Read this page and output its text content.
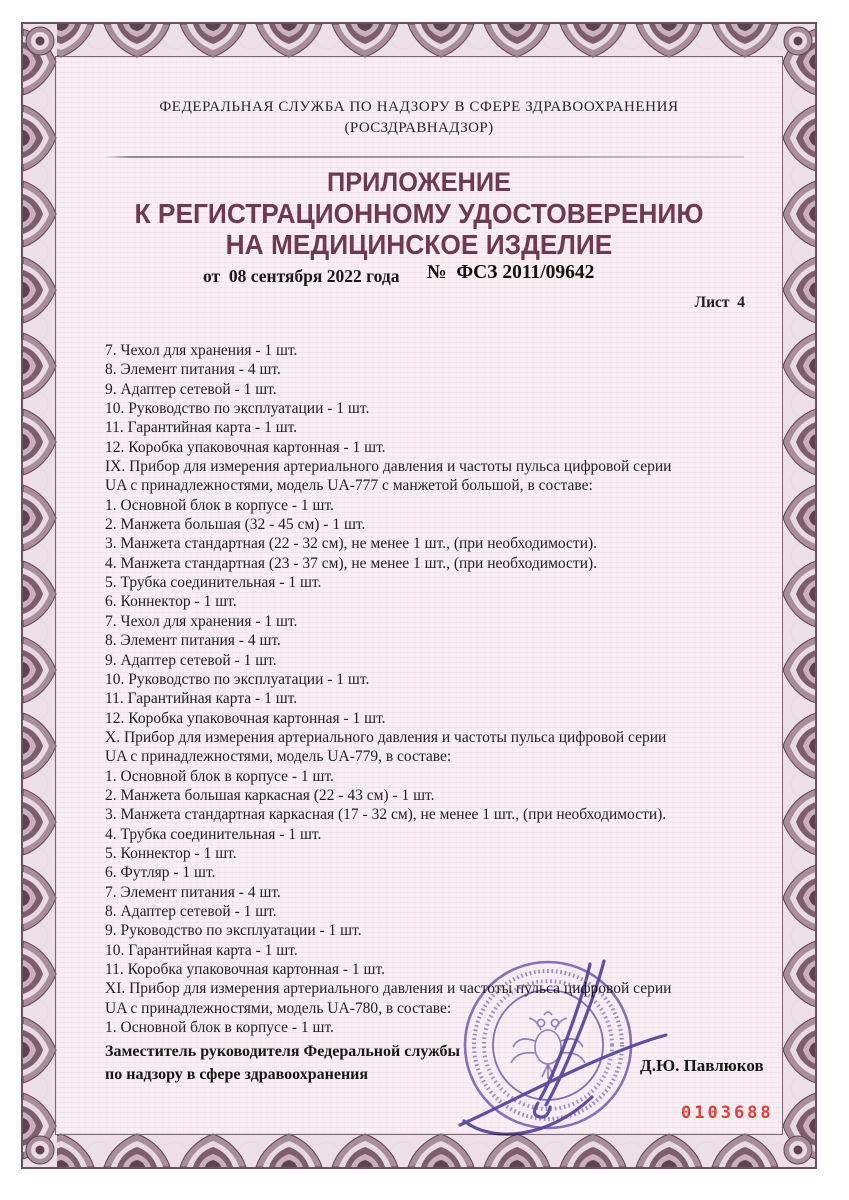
ФЕДЕРАЛЬНАЯ СЛУЖБА ПО НАДЗОРУ В СФЕРЕ ЗДРАВООХРАНЕНИЯ
(РОСЗДРАВНАДЗОР)
ПРИЛОЖЕНИЕ
К РЕГИСТРАЦИОННОМУ УДОСТОВЕРЕНИЮ
НА МЕДИЦИНСКОЕ ИЗДЕЛИЕ
от  08 сентября 2022 года №  ФСЗ 2011/09642
Лист  4
7. Чехол для хранения - 1 шт.
8. Элемент питания - 4 шт.
9. Адаптер сетевой - 1 шт.
10. Руководство по эксплуатации - 1 шт.
11. Гарантийная карта - 1 шт.
12. Коробка упаковочная картонная - 1 шт.
IX. Прибор для измерения артериального давления и частоты пульса цифровой серии
UA с принадлежностями, модель UA-777 с манжетой большой, в составе:
1. Основной блок в корпусе - 1 шт.
2. Манжета большая (32 - 45 см) - 1 шт.
3. Манжета стандартная (22 - 32 см), не менее 1 шт., (при необходимости).
4. Манжета стандартная (23 - 37 см), не менее 1 шт., (при необходимости).
5. Трубка соединительная - 1 шт.
6. Коннектор - 1 шт.
7. Чехол для хранения - 1 шт.
8. Элемент питания - 4 шт.
9. Адаптер сетевой - 1 шт.
10. Руководство по эксплуатации - 1 шт.
11. Гарантийная карта - 1 шт.
12. Коробка упаковочная картонная - 1 шт.
X. Прибор для измерения артериального давления и частоты пульса цифровой серии
UA с принадлежностями, модель UA-779, в составе:
1. Основной блок в корпусе - 1 шт.
2. Манжета большая каркасная (22 - 43 см) - 1 шт.
3. Манжета стандартная каркасная (17 - 32 см), не менее 1 шт., (при необходимости).
4. Трубка соединительная - 1 шт.
5. Коннектор - 1 шт.
6. Футляр - 1 шт.
7. Элемент питания - 4 шт.
8. Адаптер сетевой - 1 шт.
9. Руководство по эксплуатации - 1 шт.
10. Гарантийная карта - 1 шт.
11. Коробка упаковочная картонная - 1 шт.
XI. Прибор для измерения артериального давления и частоты пульса цифровой серии
UA с принадлежностями, модель UA-780, в составе:
1. Основной блок в корпусе - 1 шт.
Заместитель руководителя Федеральной службы
по надзору в сфере здравоохранения	Д.Ю. Павлюков
0103688
